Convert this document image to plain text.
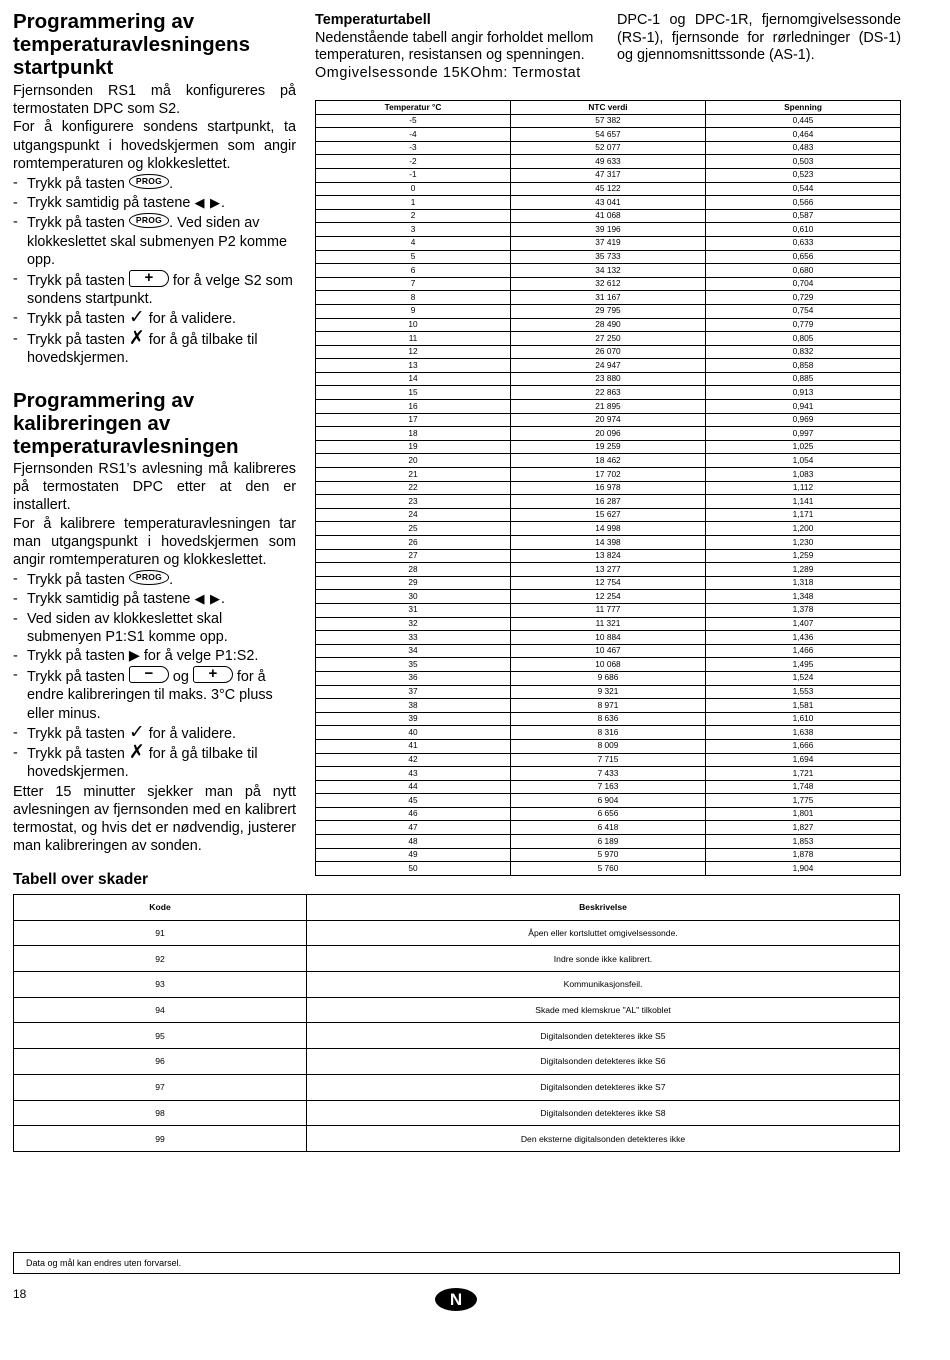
Programmering av temperaturavlesningens startpunkt

Fjernsonden RS1 må konfigureres på termostaten DPC som S2.

For å konfigurere sondens startpunkt, ta utgangspunkt i hovedskjermen som angir romtemperaturen og klokkeslettet.

- Trykk på tasten PROG .
- Trykk samtidig på tastene ◀ ▶.
- Trykk på tasten PROG . Ved siden av klokkeslettet skal submenyen P2 komme opp.
- Trykk på tasten + for å velge S2 som sondens startpunkt.
- Trykk på tasten ✓ for å validere.
- Trykk på tasten ✗ for å gå tilbake til hovedskjermen.
Programmering av kalibreringen av temperaturavlesningen

Fjernsonden RS1’s avlesning må kalibreres på termostaten DPC etter at den er installert.

For å kalibrere temperaturavlesningen tar man utgangspunkt i hovedskjermen som angir romtemperaturen og klokkeslettet.

- Trykk på tasten PROG .
- Trykk samtidig på tastene ◀ ▶.
- Ved siden av klokkeslettet skal submenyen P1:S1 komme opp.
- Trykk på tasten ▶ for å velge P1:S2.
- Trykk på tasten − og + for å endre kalibreringen til maks. 3°C pluss eller minus.
- Trykk på tasten ✓ for å validere.
- Trykk på tasten ✗ for å gå tilbake til hovedskjermen.

Etter 15 minutter sjekker man på nytt avlesningen av fjernsonden med en kalibrert termostat, og hvis det er nødvendig, justerer man kalibreringen av sonden.

Temperaturtabell
Nedenstående tabell angir forholdet mellom temperaturen, resistansen og spenningen.
Omgivelsessonde 15KOhm: Termostat
DPC-1 og DPC-1R, fjernomgivelsessonde (RS-1), fjernsonde for rørledninger (DS-1) og gjennomsnittssonde (AS-1).
Temperatur °C	NTC verdi	Spenning
-5	57 382	0,445
-4	54 657	0,464
-3	52 077	0,483
-2	49 633	0,503
-1	47 317	0,523
0	45 122	0,544
1	43 041	0,566
2	41 068	0,587
3	39 196	0,610
4	37 419	0,633
5	35 733	0,656
6	34 132	0,680
7	32 612	0,704
8	31 167	0,729
9	29 795	0,754
10	28 490	0,779
11	27 250	0,805
12	26 070	0,832
13	24 947	0,858
14	23 880	0,885
15	22 863	0,913
16	21 895	0,941
17	20 974	0,969
18	20 096	0,997
19	19 259	1,025
20	18 462	1,054
21	17 702	1,083
22	16 978	1,112
23	16 287	1,141
24	15 627	1,171
25	14 998	1,200
26	14 398	1,230
27	13 824	1,259
28	13 277	1,289
29	12 754	1,318
30	12 254	1,348
31	11 777	1,378
32	11 321	1,407
33	10 884	1,436
34	10 467	1,466
35	10 068	1,495
36	9 686	1,524
37	9 321	1,553
38	8 971	1,581
39	8 636	1,610
40	8 316	1,638
41	8 009	1,666
42	7 715	1,694
43	7 433	1,721
44	7 163	1,748
45	6 904	1,775
46	6 656	1,801
47	6 418	1,827
48	6 189	1,853
49	5 970	1,878
50	5 760	1,904
Tabell over skader
Kode	Beskrivelse
91	Åpen eller kortsluttet omgivelsessonde.
92	Indre sonde ikke kalibrert.
93	Kommunikasjonsfeil.
94	Skade med klemskrue "AL" tilkoblet
95	Digitalsonden detekteres ikke S5
96	Digitalsonden detekteres ikke S6
97	Digitalsonden detekteres ikke S7
98	Digitalsonden detekteres ikke S8
99	Den eksterne digitalsonden detekteres ikke
Data og mål kan endres uten forvarsel.
18	N
